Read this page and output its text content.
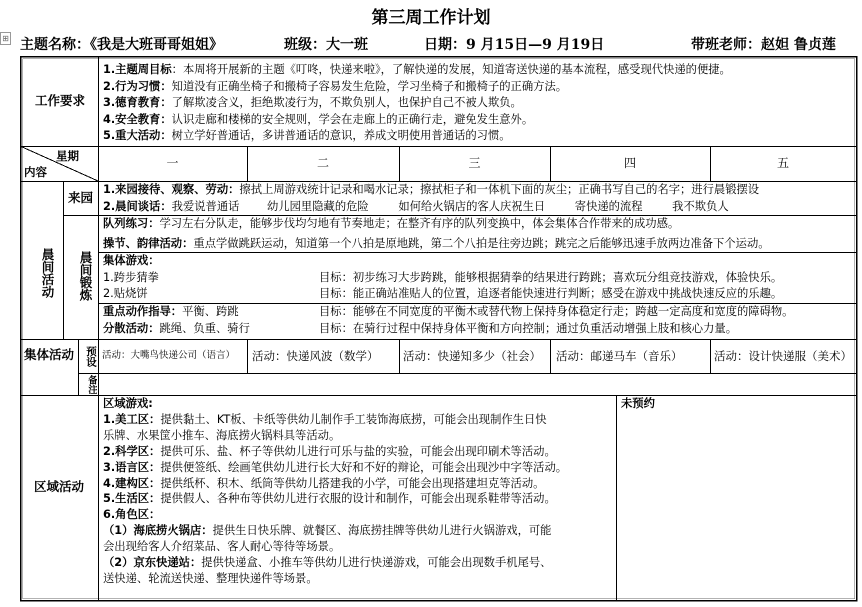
第三周工作计划
⊞ 主题名称：《我是大班哥哥姐姐》	班级：大一班	日期：9 月15日—9 月19日	带班老师：赵妲 鲁贞莲
工作要求
1.主题周目标：本周将开展新的主题《叮咚，快递来啦》，了解快递的发展，知道寄送快递的基本流程，感受现代快递的便捷。
2.行为习惯：知道没有正确坐椅子和搬椅子容易发生危险，学习坐椅子和搬椅子的正确方法。
3.德育教育：了解欺凌含义，拒绝欺凌行为，不欺负别人，也保护自己不被人欺负。
4.安全教育：认识走廊和楼梯的安全规则，学会在走廊上的正确行走，避免发生意外。
5.重大活动：树立学好普通话，多讲普通话的意识，养成文明使用普通话的习惯。
星期
内容
一	二	三	四	五
晨间活动
来园
1.来园接待、观察、劳动：擦拭上周游戏统计记录和喝水记录；擦拭柜子和一体机下面的灰尘；正确书写自己的名字；进行晨锻摆设
2.晨间谈话：我爱说普通话 幼儿园里隐藏的危险	如何给火锅店的客人庆祝生日	寄快递的流程	我不欺负人
晨间锻炼
队列练习：学习左右分队走，能够步伐均匀地有节奏地走；在整齐有序的队列变换中，体会集体合作带来的成功感。
操节、韵律活动：重点学做跳跃运动，知道第一个八拍是原地跳，第二个八拍是往旁边跳；跳完之后能够迅速手放两边准备下个运动。
集体游戏：
1.跨步猜拳	目标：初步练习大步跨跳，能够根据猜拳的结果进行跨跳；喜欢玩分组竞技游戏，体验快乐。
2.贴烧饼	目标：能正确站准贴人的位置，追逐者能快速进行判断；感受在游戏中挑战快速反应的乐趣。
重点动作指导：平衡、跨跳	目标：能够在不同宽度的平衡木或替代物上保持身体稳定行走；跨越一定高度和宽度的障碍物。
分散活动：跳绳、负重、骑行	目标：在骑行过程中保持身体平衡和方向控制；通过负重活动增强上肢和核心力量。
集体活动	预设
备注
活动：大嘴鸟快递公司（语言）	活动：快递风波（数学）	活动：快递知多少（社会）	活动：邮递马车（音乐）	活动：设计快递服（美术）
区域活动
区域游戏:
1.美工区：提供黏土、KT板、卡纸等供幼儿制作手工装饰海底捞，可能会出现制作生日快
乐牌、水果筐小推车、海底捞火锅料具等活动。
2.科学区：提供可乐、盐、杯子等供幼儿进行可乐与盐的实验，可能会出现印刷术等活动。
3.语言区：提供便签纸、绘画笔供幼儿进行长大好和不好的辩论，可能会出现沙中字等活动。
4.建构区：提供纸杯、积木、纸筒等供幼儿搭建我的小学，可能会出现搭建坦克等活动。
5.生活区：提供假人、各种布等供幼儿进行衣服的设计和制作，可能会出现系鞋带等活动。
6.角色区：
（1）海底捞火锅店：提供生日快乐牌、就餐区、海底捞挂牌等供幼儿进行火锅游戏，可能
会出现给客人介绍菜品、客人耐心等待等场景。
（2）京东快递站：提供快递盒、小推车等供幼儿进行快递游戏，可能会出现数手机尾号、
送快递、轮流送快递、整理快递件等场景。
未预约
